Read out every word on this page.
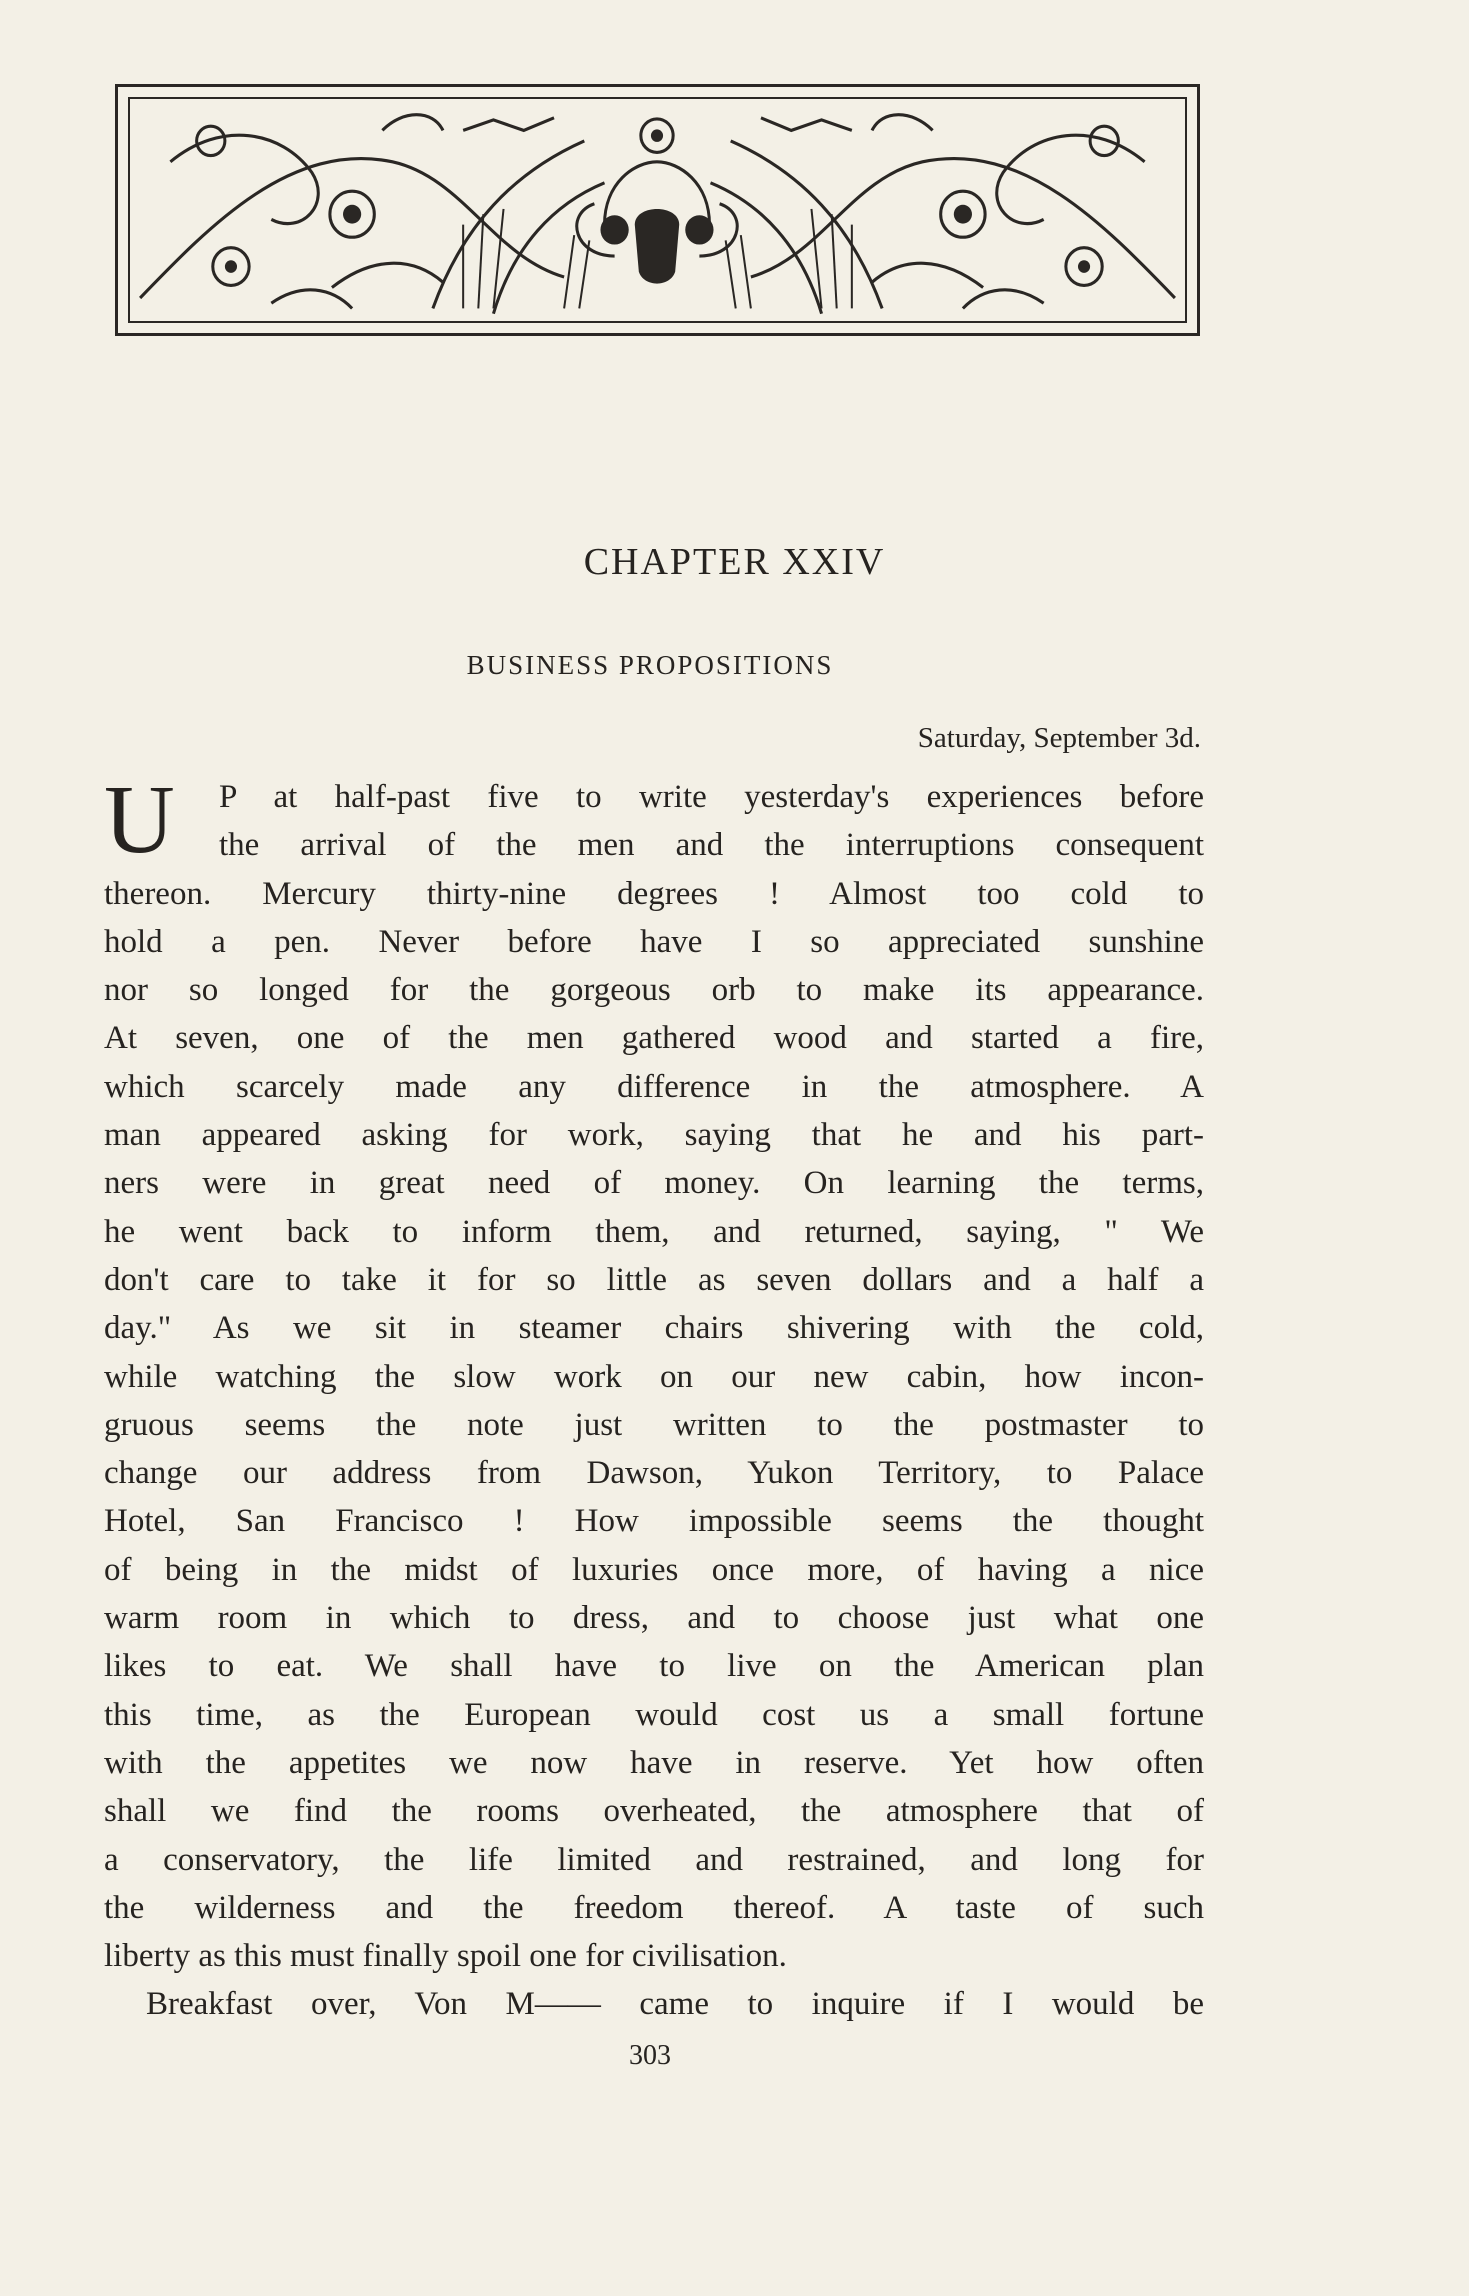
CHAPTER XXIV
BUSINESS PROPOSITIONS

Saturday, September 3d.

U	P at half-past five to write yesterday's experiences before
the arrival of the men and the interruptions consequent
thereon. Mercury thirty-nine degrees ! Almost too cold to
hold a pen. Never before have I so appreciated sunshine
nor so longed for the gorgeous orb to make its appearance.
At seven, one of the men gathered wood and started a fire,
which scarcely made any difference in the atmosphere. A
man appeared asking for work, saying that he and his part-
ners were in great need of money. On learning the terms,
he went back to inform them, and returned, saying, " We
don't care to take it for so little as seven dollars and a half a
day." As we sit in steamer chairs shivering with the cold,
while watching the slow work on our new cabin, how incon-
gruous seems the note just written to the postmaster to
change our address from Dawson, Yukon Territory, to Palace
Hotel, San Francisco ! How impossible seems the thought
of being in the midst of luxuries once more, of having a nice
warm room in which to dress, and to choose just what one
likes to eat. We shall have to live on the American plan
this time, as the European would cost us a small fortune
with the appetites we now have in reserve. Yet how often
shall we find the rooms overheated, the atmosphere that of
a conservatory, the life limited and restrained, and long for
the wilderness and the freedom thereof. A taste of such
liberty as this must finally spoil one for civilisation.
Breakfast over, Von M—— came to inquire if I would be

303
